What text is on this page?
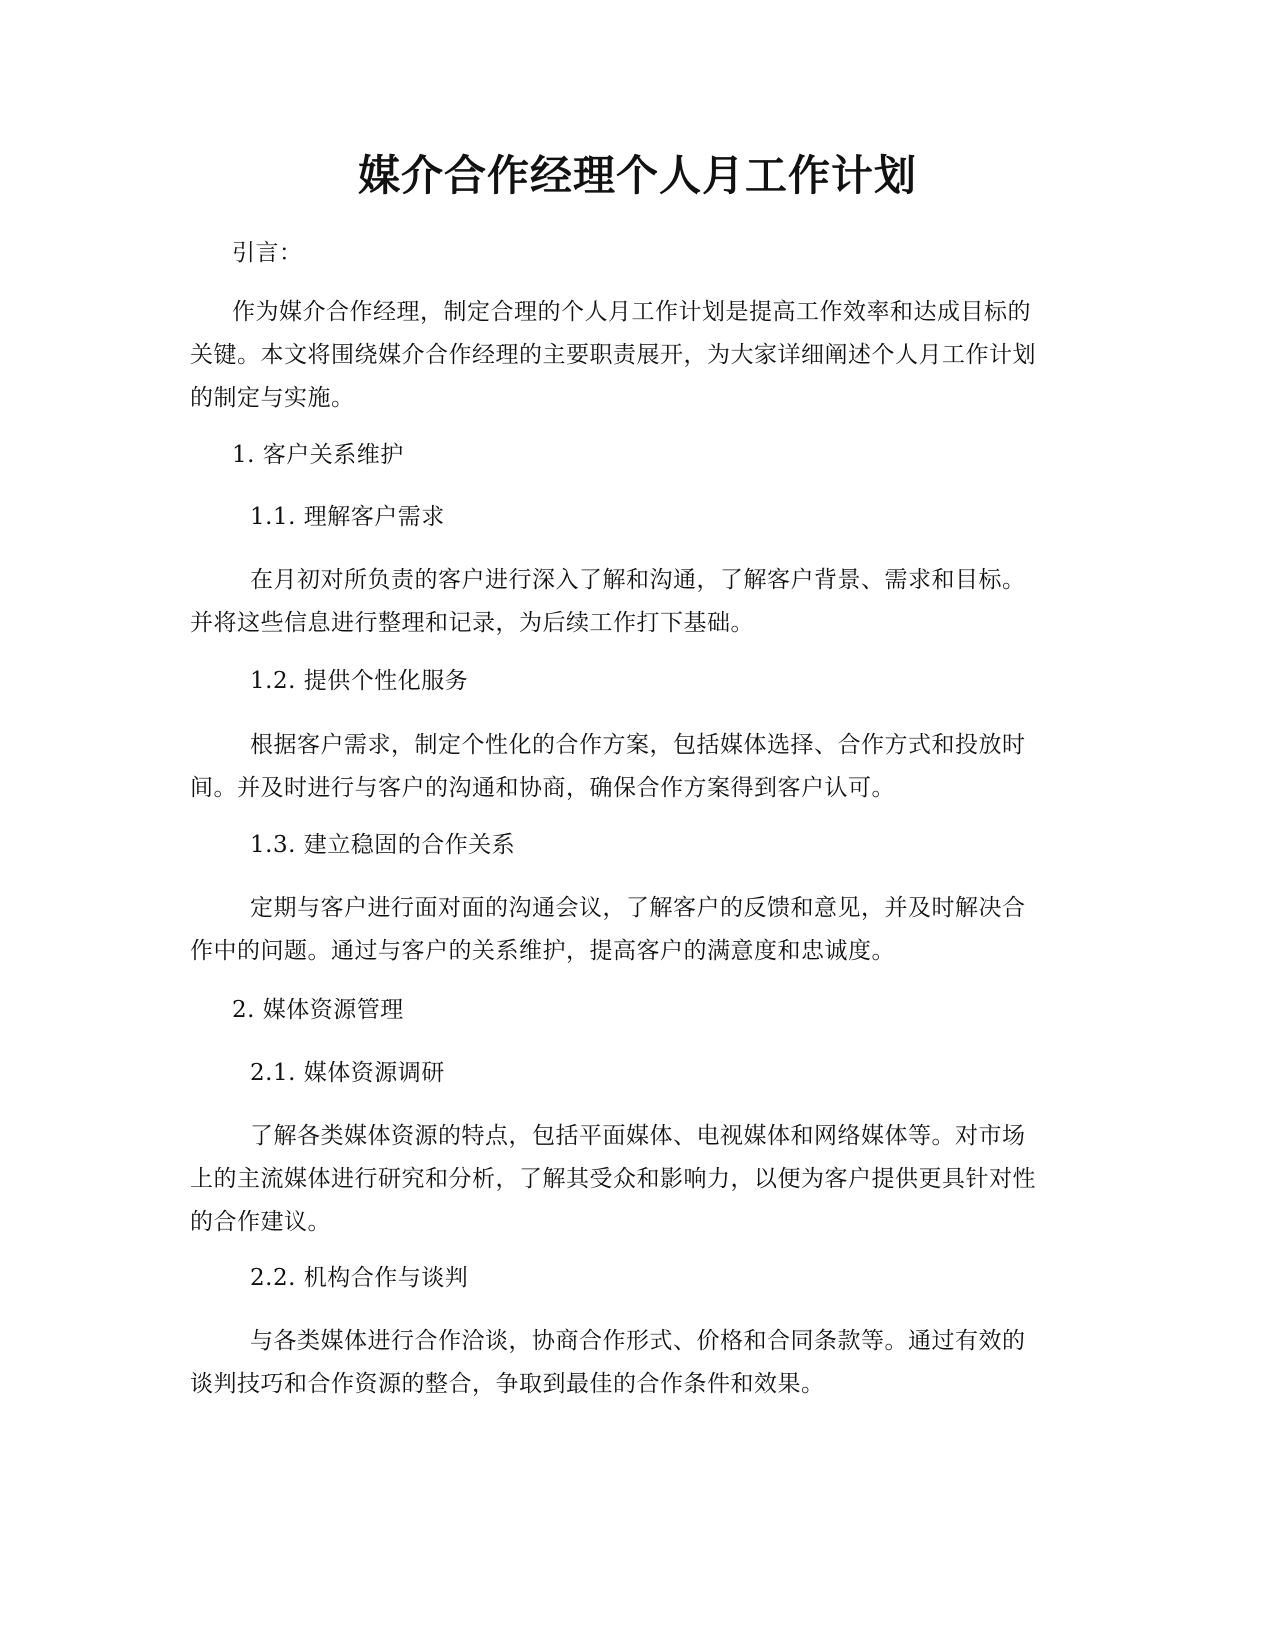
媒介合作经理个人月工作计划

引言：

作为媒介合作经理，制定合理的个人月工作计划是提高工作效率和达成目标的
关键。本文将围绕媒介合作经理的主要职责展开，为大家详细阐述个人月工作计划
的制定与实施。

1. 客户关系维护

1.1. 理解客户需求

在月初对所负责的客户进行深入了解和沟通，了解客户背景、需求和目标。
并将这些信息进行整理和记录，为后续工作打下基础。

1.2. 提供个性化服务

根据客户需求，制定个性化的合作方案，包括媒体选择、合作方式和投放时
间。并及时进行与客户的沟通和协商，确保合作方案得到客户认可。

1.3. 建立稳固的合作关系

定期与客户进行面对面的沟通会议，了解客户的反馈和意见，并及时解决合
作中的问题。通过与客户的关系维护，提高客户的满意度和忠诚度。

2. 媒体资源管理

2.1. 媒体资源调研

了解各类媒体资源的特点，包括平面媒体、电视媒体和网络媒体等。对市场
上的主流媒体进行研究和分析，了解其受众和影响力，以便为客户提供更具针对性
的合作建议。

2.2. 机构合作与谈判

与各类媒体进行合作洽谈，协商合作形式、价格和合同条款等。通过有效的
谈判技巧和合作资源的整合，争取到最佳的合作条件和效果。
